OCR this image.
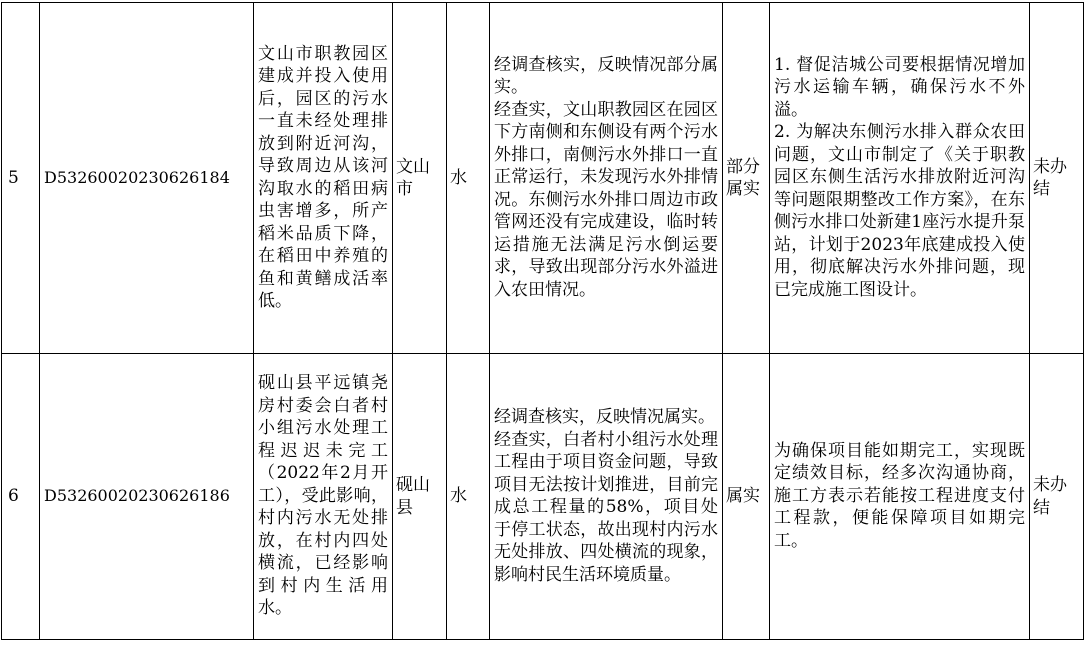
5	D53260020230626184	文山市职教园区建成并投入使用后，园区的污水一直未经处理排放到附近河沟，导致周边从该河沟取水的稻田病虫害增多，所产稻米品质下降，在稻田中养殖的鱼和黄鳝成活率低。	文山市	水	经调查核实，反映情况部分属实。
经查实，文山职教园区在园区下方南侧和东侧设有两个污水外排口，南侧污水外排口一直正常运行，未发现污水外排情况。东侧污水外排口周边市政管网还没有完成建设，临时转运措施无法满足污水倒运要求，导致出现部分污水外溢进入农田情况。	部分属实	1. 督促洁城公司要根据情况增加污水运输车辆，确保污水不外溢。
2. 为解决东侧污水排入群众农田问题，文山市制定了《关于职教园区东侧生活污水排放附近河沟等问题限期整改工作方案》，在东侧污水排口处新建1座污水提升泵站，计划于2023年底建成投入使用，彻底解决污水外排问题，现已完成施工图设计。	未办结

6	D53260020230626186	砚山县平远镇尧房村委会白者村小组污水处理工程迟迟未完工（2022年2月开工），受此影响，村内污水无处排放，在村内四处横流，已经影响到村内生活用水。	砚山县	水	经调查核实，反映情况属实。
经查实，白者村小组污水处理工程由于项目资金问题，导致项目无法按计划推进，目前完成总工程量的58%，项目处于停工状态，故出现村内污水无处排放、四处横流的现象，影响村民生活环境质量。	属实	为确保项目能如期完工，实现既定绩效目标，经多次沟通协商，施工方表示若能按工程进度支付工程款，便能保障项目如期完工。	未办结
